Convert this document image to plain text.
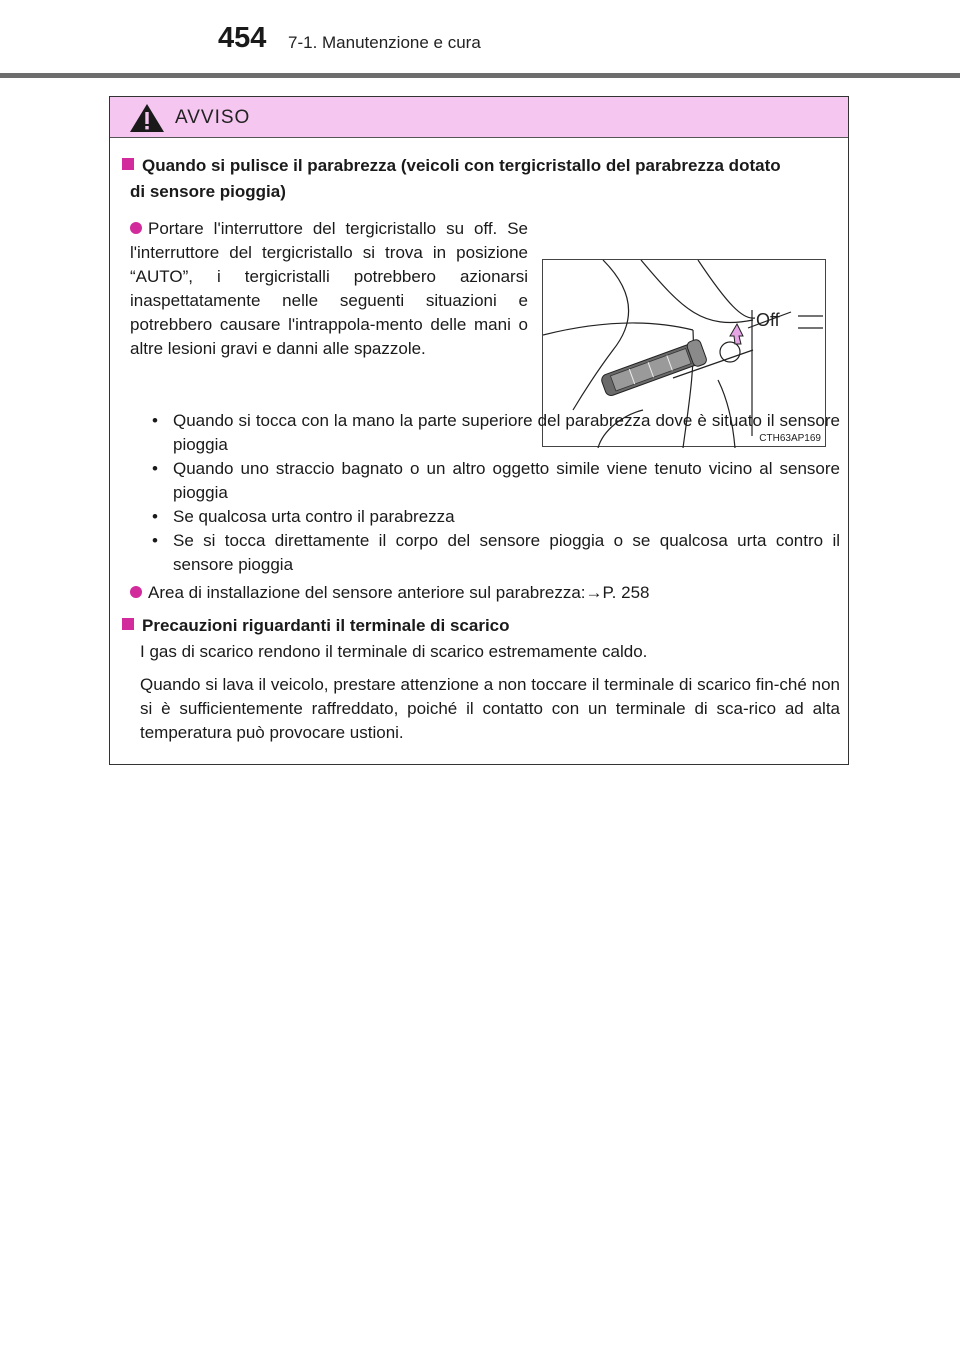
454 7-1. Manutenzione e cura
AVVISO
Quando si pulisce il parabrezza (veicoli con tergicristallo del parabrezza dotato
di sensore pioggia)
Portare l'interruttore del tergicristallo su off. Se l'interruttore del tergicristallo si trova in posizione “AUTO”, i tergicristalli potrebbero azionarsi inaspettatamente nelle seguenti situazioni e potrebbero causare l'intrappola-mento delle mani o altre lesioni gravi e danni alle spazzole.
Off
CTH63AP169
• Quando si tocca con la mano la parte superiore del parabrezza dove è situato il sensore pioggia
• Quando uno straccio bagnato o un altro oggetto simile viene tenuto vicino al sensore pioggia
• Se qualcosa urta contro il parabrezza
• Se si tocca direttamente il corpo del sensore pioggia o se qualcosa urta contro il sensore pioggia
Area di installazione del sensore anteriore sul parabrezza:→P. 258
Precauzioni riguardanti il terminale di scarico
I gas di scarico rendono il terminale di scarico estremamente caldo.
Quando si lava il veicolo, prestare attenzione a non toccare il terminale di scarico fin-ché non si è sufficientemente raffreddato, poiché il contatto con un terminale di sca-rico ad alta temperatura può provocare ustioni.
